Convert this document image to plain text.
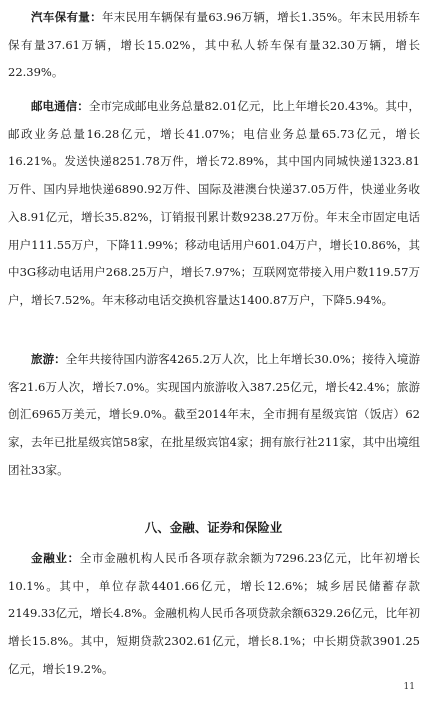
汽车保有量：年末民用车辆保有量63.96万辆，增长1.35%。年末民用轿车保有量37.61万辆，增长15.02%，其中私人轿车保有量32.30万辆，增长22.39%。

邮电通信：全市完成邮电业务总量82.01亿元，比上年增长20.43%。其中，邮政业务总量16.28亿元，增长41.07%；电信业务总量65.73亿元，增长16.21%。发送快递8251.78万件，增长72.89%，其中国内同城快递1323.81万件、国内异地快递6890.92万件、国际及港澳台快递37.05万件，快递业务收入8.91亿元，增长35.82%，订销报刊累计数9238.27万份。年末全市固定电话用户111.55万户，下降11.99%；移动电话用户601.04万户，增长10.86%，其中3G移动电话用户268.25万户，增长7.97%；互联网宽带接入用户数119.57万户，增长7.52%。年末移动电话交换机容量达1400.87万户，下降5.94%。

旅游：全年共接待国内游客4265.2万人次，比上年增长30.0%；接待入境游客21.6万人次，增长7.0%。实现国内旅游收入387.25亿元，增长42.4%；旅游创汇6965万美元，增长9.0%。截至2014年末，全市拥有星级宾馆（饭店）62家，去年已批星级宾馆58家，在批星级宾馆4家；拥有旅行社211家，其中出境组团社33家。

八、金融、证券和保险业

金融业：全市金融机构人民币各项存款余额为7296.23亿元，比年初增长10.1%。其中，单位存款4401.66亿元，增长12.6%；城乡居民储蓄存款2149.33亿元，增长4.8%。金融机构人民币各项贷款余额6329.26亿元，比年初增长15.8%。其中，短期贷款2302.61亿元，增长8.1%；中长期贷款3901.25亿元，增长19.2%。

11
